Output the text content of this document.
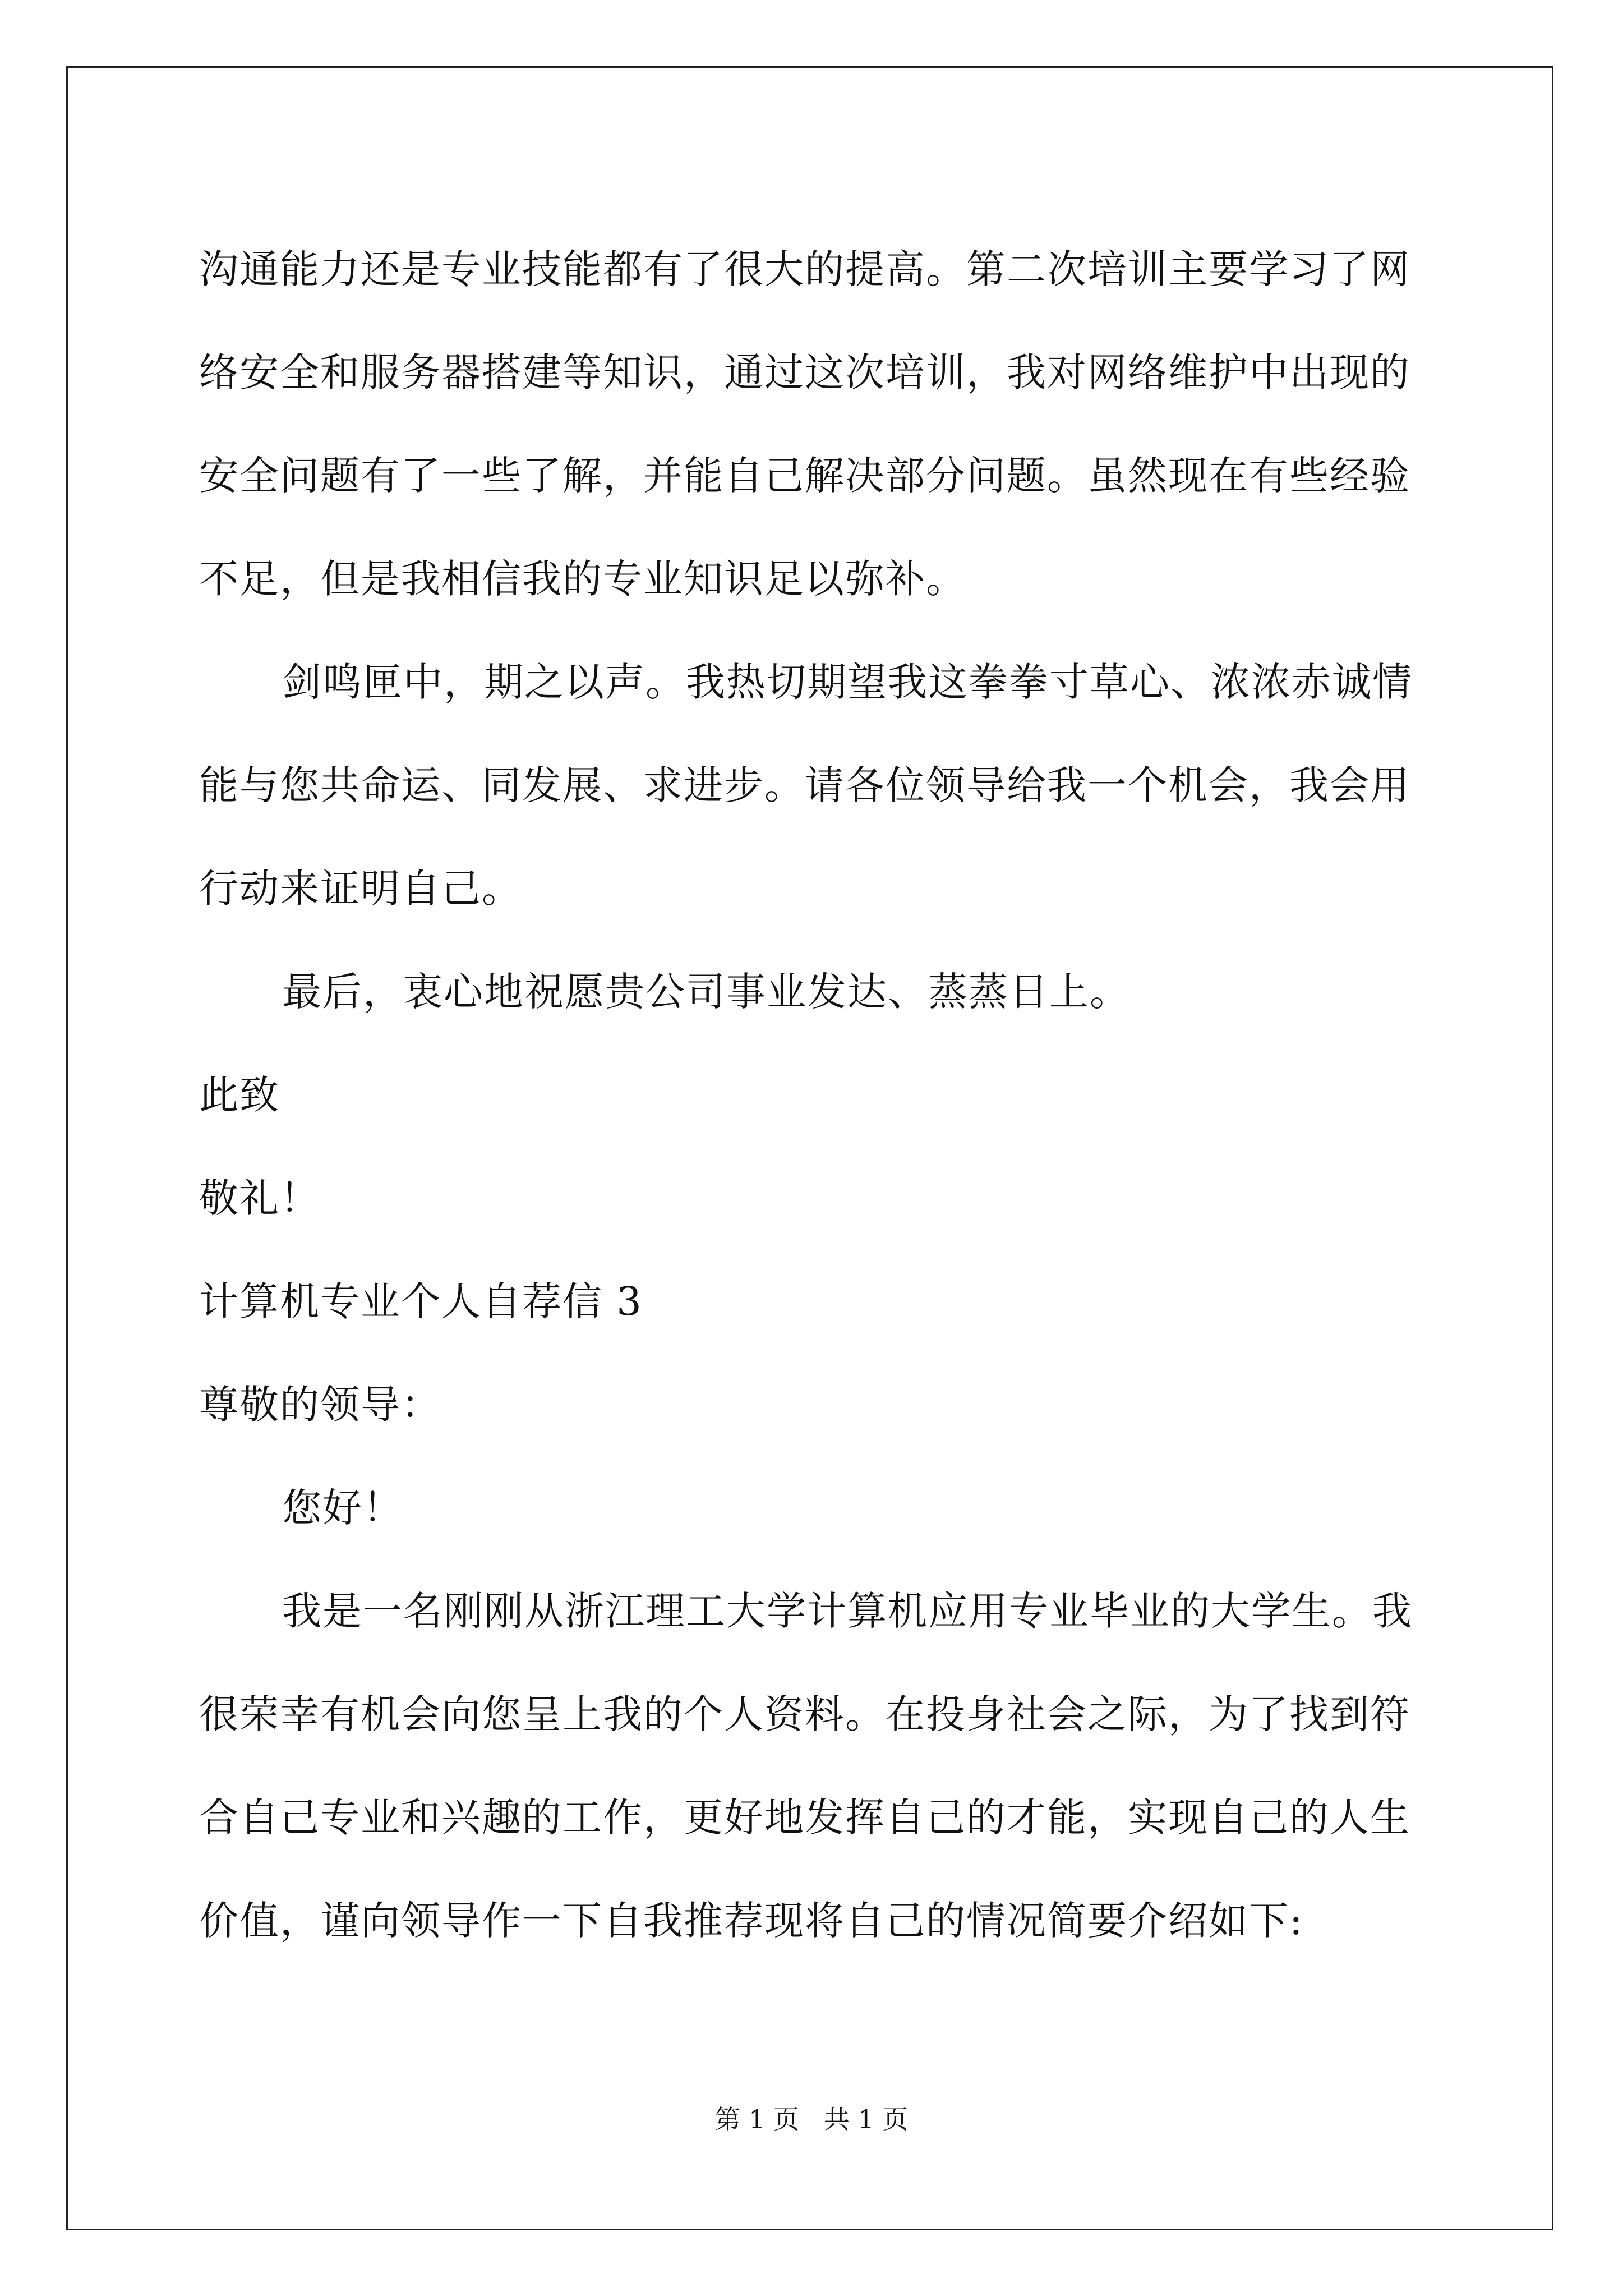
沟通能力还是专业技能都有了很大的提高。第二次培训主要学习了网
络安全和服务器搭建等知识，通过这次培训，我对网络维护中出现的
安全问题有了一些了解，并能自己解决部分问题。虽然现在有些经验
不足，但是我相信我的专业知识足以弥补。
剑鸣匣中，期之以声。我热切期望我这拳拳寸草心、浓浓赤诚情
能与您共命运、同发展、求进步。请各位领导给我一个机会，我会用
行动来证明自己。
最后，衷心地祝愿贵公司事业发达、蒸蒸日上。
此致
敬礼！
计算机专业个人自荐信 3
尊敬的领导：
您好！
我是一名刚刚从浙江理工大学计算机应用专业毕业的大学生。我
很荣幸有机会向您呈上我的个人资料。在投身社会之际，为了找到符
合自己专业和兴趣的工作，更好地发挥自己的才能，实现自己的人生
价值，谨向领导作一下自我推荐现将自己的情况简要介绍如下:
第 1 页   共 1 页
